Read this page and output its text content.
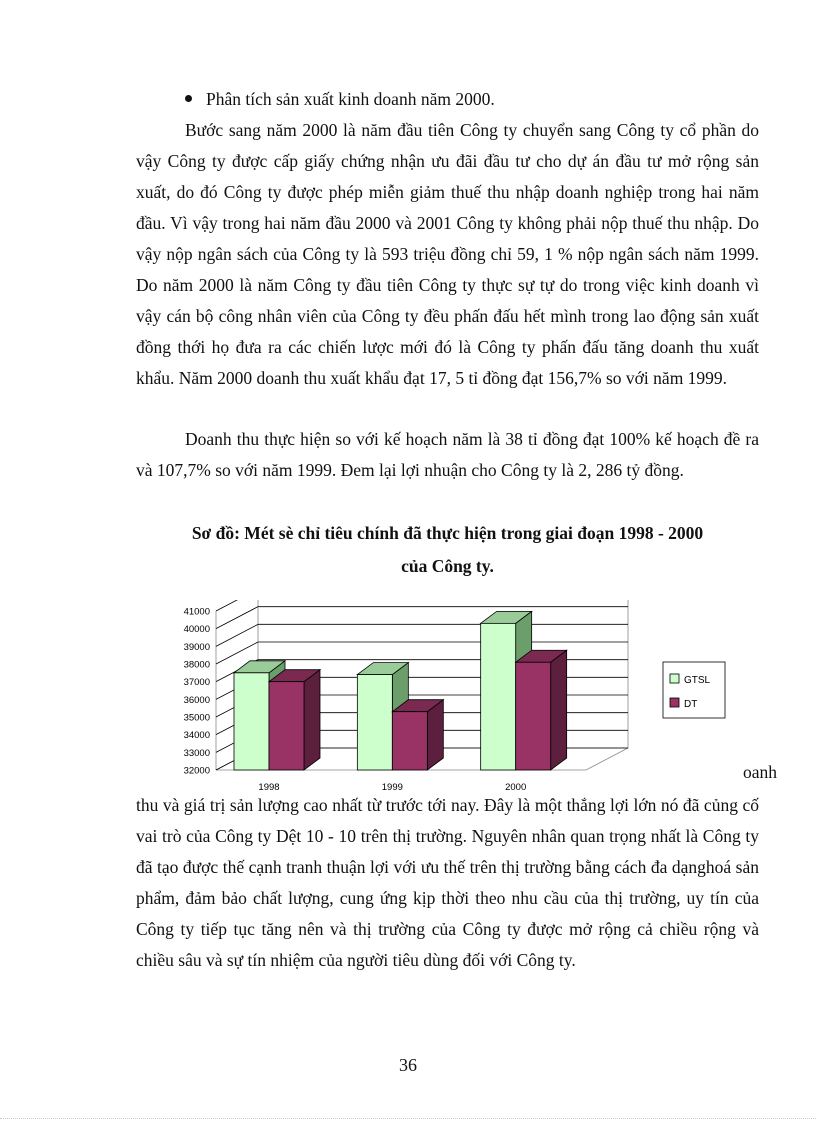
Phân tích sản xuất kinh doanh năm 2000.

Bước sang năm 2000 là năm đầu tiên Công ty chuyển sang Công ty cổ phần do vậy Công ty được cấp giấy chứng nhận ưu đãi đầu tư cho dự án đầu tư mở rộng sản xuất, do đó Công ty được phép miễn giảm thuế thu nhập doanh nghiệp trong hai năm đầu. Vì vậy trong hai năm đầu 2000 và 2001 Công ty không phải nộp thuế thu nhập. Do vậy nộp ngân sách của Công ty là 593 triệu đồng chỉ 59, 1 % nộp ngân sách năm 1999. Do năm 2000 là năm Công ty đầu tiên Công ty thực sự tự do trong việc kinh doanh vì vậy cán bộ công nhân viên của Công ty đều phấn đấu hết mình trong lao động sản xuất đồng thới họ đưa ra các chiến lược mới đó là Công ty phấn đấu tăng doanh thu xuất khẩu. Năm 2000 doanh thu xuất khẩu đạt 17, 5 tỉ đồng đạt 156,7% so với năm 1999.

Doanh thu thực hiện so với kế hoạch năm là 38 tỉ đồng đạt 100% kế hoạch đề ra và 107,7% so với năm 1999. Đem lại lợi nhuận cho Công ty là 2, 286 tỷ đồng.

Sơ đồ: Mét sè chỉ tiêu chính đã thực hiện trong giai đoạn 1998 - 2000
của Công ty.
32000
33000
34000
35000
36000
37000
38000
39000
40000
41000
1998	1999	2000
GTSL
DT
oanh

thu và giá trị sản lượng cao nhất từ trước tới nay. Đây là một thắng lợi lớn nó đã củng cố vai trò của Công ty Dệt 10 - 10 trên thị trường. Nguyên nhân quan trọng nhất là Công ty đã tạo được thế cạnh tranh thuận lợi với ưu thế trên thị trường bằng cách đa dạnghoá sản phẩm, đảm bảo chất lượng, cung ứng kịp thời theo nhu cầu của thị trường, uy tín của Công ty tiếp tục tăng nên và thị trường của Công ty được mở rộng cả chiều rộng và chiều sâu và sự tín nhiệm của người tiêu dùng đối với Công ty.

36
